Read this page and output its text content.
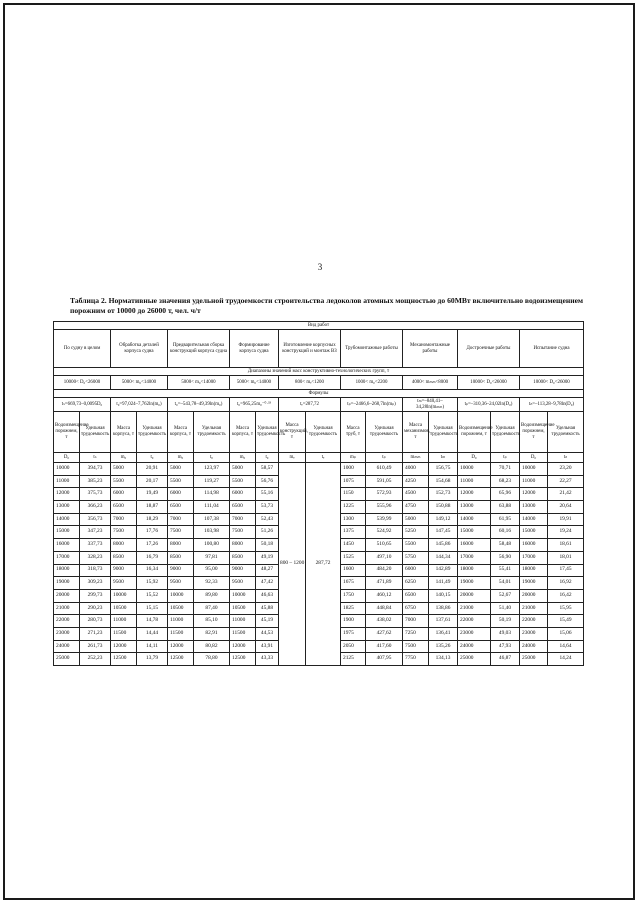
3
Таблица 2. Нормативные значения удельной трудоемкости строительства ледоколов атомных мощностью до 60МВт включительно водоизмещением порожним от 10000 до 26000 т, чел. ч/т
Вид работ																	
По судну в целом		Обработка деталей корпуса судна		Предварительная сборка конструкций корпуса судна		Формирование корпуса судна		Изготовление корпусных конструкций и монтаж ВЗ		Трубомонтажные работы		Механомонтажные работы		Достроечные работы		Испытание судна	
Диапазоны значений масс конструктивно-технологических групп, т																	
10000< D₀<26000		5000< m₀<14000		5000< m₀<14000		5000< m₀<14000		800< mₑ<1200		1000< m₀<2200		4000< mₘₘ<8000		10000< D₀<26000		10000< D₀<26000	
Формулы																	
tₛ=669,73–0,0095D₀		t₀=97,024–7,762ln(m₀)		t₀=–543,78–49,39ln(m₀)		t₀=965,25m₀⁻⁰·³³		tₑ=287,72		tₚ=–2466,6–268,7ln(mₚ)		tₘ=–840,41–34,28ln(mₘₘ)		tₚ=–310,36–24,02ln(D₀)		tₙ=–113,28–9,78ln(D₀)	
Водоизмещение порожнем, т	Удельная трудоемкость	Масса корпуса, т	Удельная трудоемкость	Масса корпуса, т	Удельная трудоемкость	Масса корпуса, т	Удельная трудоемкость	Масса конструкций, т	Удельная трудоемкость	Масса труб, т	Удельная трудоемкость	Масса механизмов, т	Удельная трудоемкость	Водоизмещение порожнем, т	Удельная трудоемкость	Водоизмещение порожнем, т	Удельная трудоемкость
D₀	tₛ	m₀	t₀	m₀	t₀	m₀	t₀	mₑ	tₑ	mₚ	tₚ	mₘₘ	tₘ	D₀	tₚ	D₀	tₙ
10000	394,73	5000	20,91	5000	123,97	5000	58,57	800 – 1200	287,72	1000	610,49	4000	156,75	10000	70,71	10000	23,20
11000	385,23	5500	20,17	5500	119,27	5500	56,76			1075	591,05	4250	154,68	11000	68,23	11000	22,27
12000	375,73	6000	19,49	6000	114,98	6000	55,16			1150	572,93	4500	152,73	12000	65,96	12000	21,42
13000	366,23	6500	18,87	6500	111,04	6500	53,73			1225	555,96	4750	150,88	13000	63,88	13000	20,64
14000	356,73	7000	18,29	7000	107,38	7000	52,43			1300	539,99	5000	149,12	14000	61,95	14000	19,91
15000	347,23	7500	17,76	7500	103,98	7500	51,26			1375	524,92	5250	147,45	15000	60,16	15000	19,24
16000	337,73	8000	17,26	8000	100,80	8000	50,18			1450	510,65	5500	145,86	16000	58,48	16000	18,61
17000	328,23	8500	16,79	8500	97,81	8500	49,19			1525	497,10	5750	144,34	17000	56,90	17000	18,01
18000	318,73	9000	16,34	9000	95,00	9000	48,27			1600	484,20	6000	142,89	18000	55,41	18000	17,45
19000	309,23	9500	15,92	9500	92,33	9500	47,42			1675	471,89	6250	141,49	19000	54,01	19000	16,92
20000	299,73	10000	15,52	10000	89,80	10000	46,63			1750	460,12	6500	140,15	20000	52,67	20000	16,42
21000	290,23	10500	15,15	10500	87,40	10500	45,88			1825	448,84	6750	138,86	21000	51,40	21000	15,95
22000	280,73	11000	14,78	11000	85,10	11000	45,19			1900	438,02	7000	137,61	22000	50,19	22000	15,49
23000	271,23	11500	14,44	11500	82,91	11500	44,53			1975	427,62	7250	136,41	23000	49,03	23000	15,06
24000	261,73	12000	14,11	12000	80,82	12000	43,91			2050	417,60	7500	135,26	24000	47,93	24000	14,64
25000	252,23	12500	13,79	12500	78,80	12500	43,33			2125	407,95	7750	134,13	25000	46,87	25000	14,24
